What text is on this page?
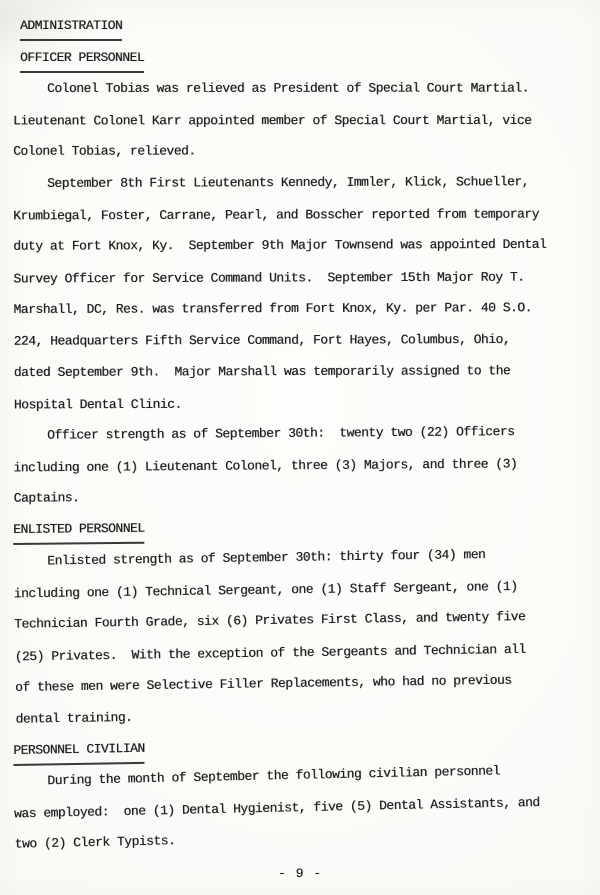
ADMINISTRATION
OFFICER PERSONNEL
Colonel Tobias was relieved as President of Special Court Martial.
Lieutenant Colonel Karr appointed member of Special Court Martial, vice
Colonel Tobias, relieved.
September 8th First Lieutenants Kennedy, Immler, Klick, Schueller,
Krumbiegal, Foster, Carrane, Pearl, and Bosscher reported from temporary
duty at Fort Knox, Ky.  September 9th Major Townsend was appointed Dental
Survey Officer for Service Command Units.  September 15th Major Roy T.
Marshall, DC, Res. was transferred from Fort Knox, Ky. per Par. 40 S.O.
224, Headquarters Fifth Service Command, Fort Hayes, Columbus, Ohio,
dated September 9th.  Major Marshall was temporarily assigned to the
Hospital Dental Clinic.
Officer strength as of September 30th:  twenty two (22) Officers
including one (1) Lieutenant Colonel, three (3) Majors, and three (3)
Captains.
ENLISTED PERSONNEL
Enlisted strength as of September 30th: thirty four (34) men
including one (1) Technical Sergeant, one (1) Staff Sergeant, one (1)
Technician Fourth Grade, six (6) Privates First Class, and twenty five
(25) Privates.  With the exception of the Sergeants and Technician all
of these men were Selective Filler Replacements, who had no previous
dental training.
PERSONNEL CIVILIAN
During the month of September the following civilian personnel
was employed:  one (1) Dental Hygienist, five (5) Dental Assistants, and
two (2) Clerk Typists.
- 9 -
